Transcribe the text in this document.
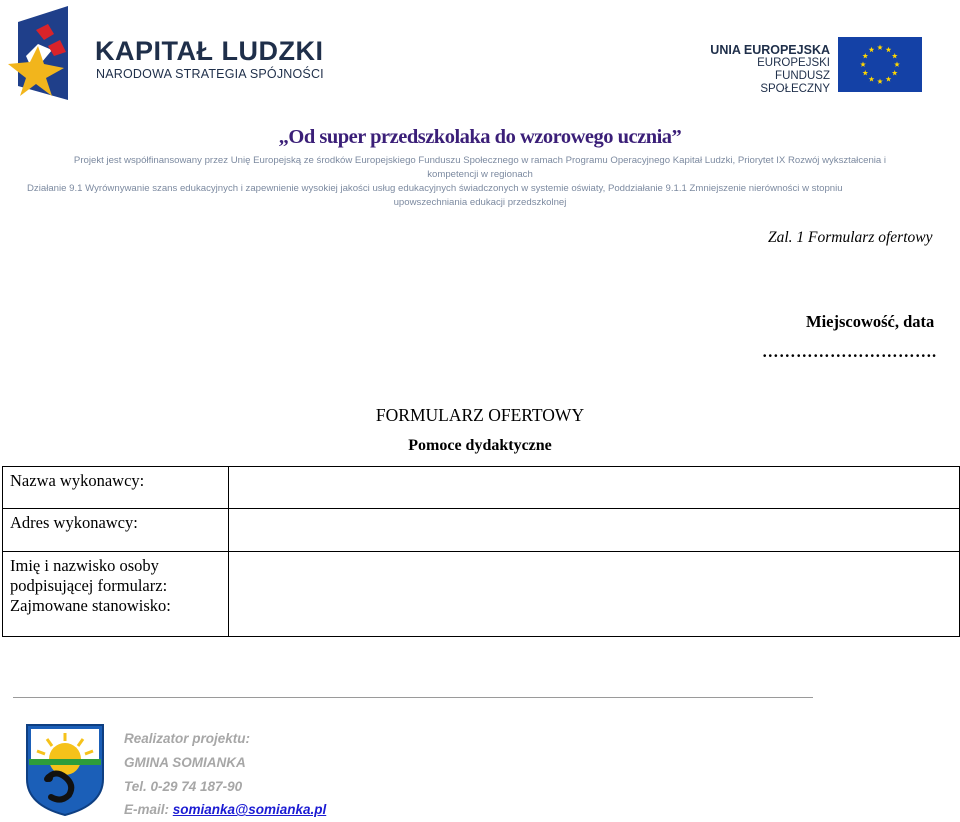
KAPITAŁ LUDZKI
NARODOWA STRATEGIA SPÓJNOŚCI
UNIA EUROPEJSKA
EUROPEJSKI
FUNDUSZ SPOŁECZNY
„Od super przedszkolaka do wzorowego ucznia”
Projekt jest współfinansowany przez Unię Europejską ze środków Europejskiego Funduszu Społecznego w ramach Programu Operacyjnego Kapitał Ludzki, Priorytet IX Rozwój wykształcenia i
kompetencji w regionach
Działanie 9.1 Wyrównywanie szans edukacyjnych i zapewnienie wysokiej jakości usług edukacyjnych świadczonych w systemie oświaty, Poddziałanie 9.1.1 Zmniejszenie nierówności w stopniu
upowszechniania edukacji przedszkolnej
Zal. 1 Formularz ofertowy
Miejscowość, data
………………………….
FORMULARZ OFERTOWY
Pomoce dydaktyczne
Nazwa wykonawcy:	

Adres wykonawcy:	

Imię i nazwisko osoby
podpisującej formularz:
Zajmowane stanowisko:	

Realizator projektu:
GMINA SOMIANKA
Tel. 0-29 74 187-90
E-mail: somianka@somianka.pl
